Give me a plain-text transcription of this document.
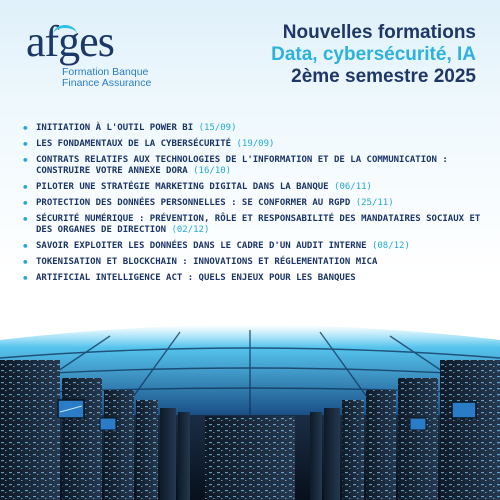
afges
Formation Banque
Finance Assurance
Nouvelles formations
Data, cybersécurité, IA
2ème semestre 2025
• INITIATION À L'OUTIL POWER BI (15/09)
• LES FONDAMENTAUX DE LA CYBERSÉCURITÉ (19/09)
• CONTRATS RELATIFS AUX TECHNOLOGIES DE L'INFORMATION ET DE LA COMMUNICATION : CONSTRUIRE VOTRE ANNEXE DORA (16/10)
• PILOTER UNE STRATÉGIE MARKETING DIGITAL DANS LA BANQUE (06/11)
• PROTECTION DES DONNÉES PERSONNELLES : SE CONFORMER AU RGPD (25/11)
• SÉCURITÉ NUMÉRIQUE : PRÉVENTION, RÔLE ET RESPONSABILITÉ DES MANDATAIRES SOCIAUX ET DES ORGANES DE DIRECTION (02/12)
• SAVOIR EXPLOITER LES DONNÉES DANS LE CADRE D'UN AUDIT INTERNE (08/12)
• TOKENISATION ET BLOCKCHAIN : INNOVATIONS ET RÉGLEMENTATION MICA
• ARTIFICIAL INTELLIGENCE ACT : QUELS ENJEUX POUR LES BANQUES
